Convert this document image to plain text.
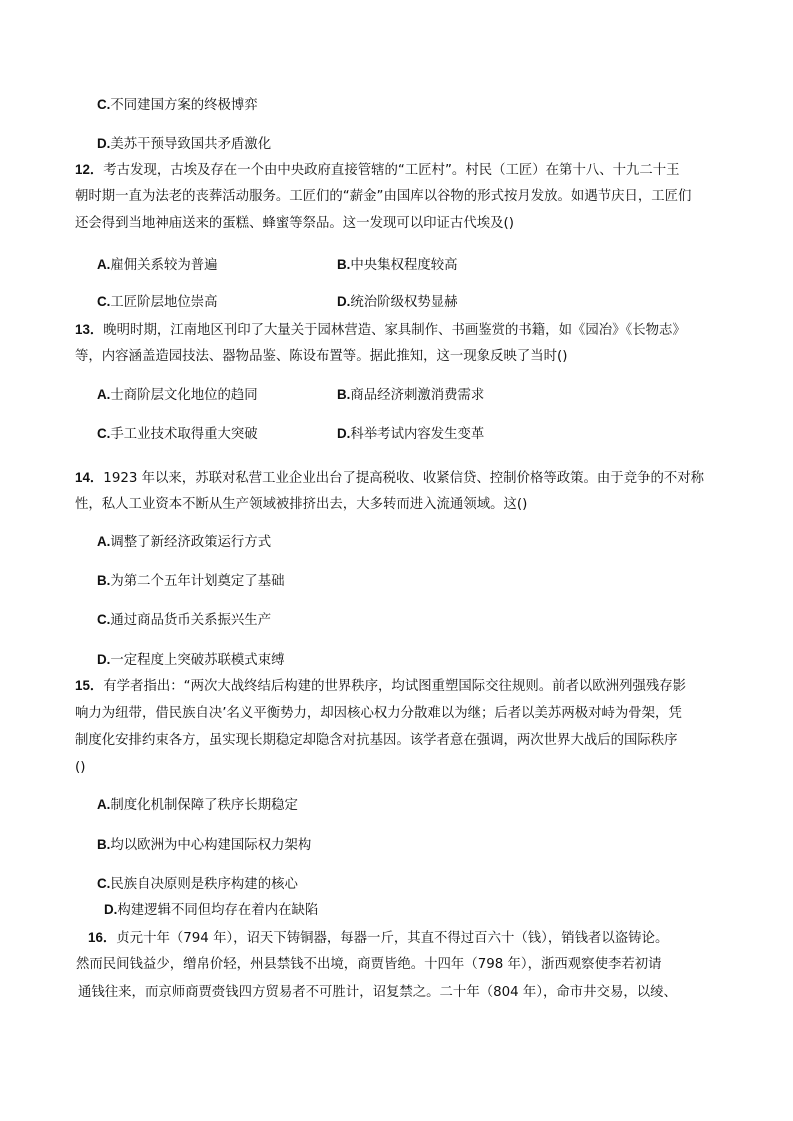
C.不同建国方案的终极博弈
D.美苏干预导致国共矛盾激化
12．考古发现，古埃及存在一个由中央政府直接管辖的“工匠村”。村民（工匠）在第十八、十九二十王
朝时期一直为法老的丧葬活动服务。工匠们的“薪金”由国库以谷物的形式按月发放。如遇节庆日，工匠们
还会得到当地神庙送来的蛋糕、蜂蜜等祭品。这一发现可以印证古代埃及()
A.雇佣关系较为普遍	B.中央集权程度较高
C.工匠阶层地位崇高	D.统治阶级权势显赫
13．晚明时期，江南地区刊印了大量关于园林营造、家具制作、书画鉴赏的书籍，如《园冶》《长物志》
等，内容涵盖造园技法、器物品鉴、陈设布置等。据此推知，这一现象反映了当时()
A.士商阶层文化地位的趋同	B.商品经济刺激消费需求
C.手工业技术取得重大突破	D.科举考试内容发生变革
14．1923 年以来，苏联对私营工业企业出台了提高税收、收紧信贷、控制价格等政策。由于竞争的不对称
性，私人工业资本不断从生产领域被排挤出去，大多转而进入流通领域。这()
A.调整了新经济政策运行方式
B.为第二个五年计划奠定了基础
C.通过商品货币关系振兴生产
D.一定程度上突破苏联模式束缚
15．有学者指出：“两次大战终结后构建的世界秩序，均试图重塑国际交往规则。前者以欧洲列强残存影
响力为纽带，借民族自决’名义平衡势力，却因核心权力分散难以为继；后者以美苏两极对峙为骨架，凭
制度化安排约束各方，虽实现长期稳定却隐含对抗基因。该学者意在强调，两次世界大战后的国际秩序
()
A.制度化机制保障了秩序长期稳定
B.均以欧洲为中心构建国际权力架构
C.民族自决原则是秩序构建的核心
D.构建逻辑不同但均存在着内在缺陷
16．贞元十年（794 年），诏天下铸铜器，每器一斤，其直不得过百六十（钱），销钱者以盗铸论。
然而民间钱益少，缯帛价轻，州县禁钱不出境，商贾皆绝。十四年（798 年），浙西观察使李若初请
通钱往来，而京师商贾赍钱四方贸易者不可胜计，诏复禁之。二十年（804 年），命市井交易，以绫、
